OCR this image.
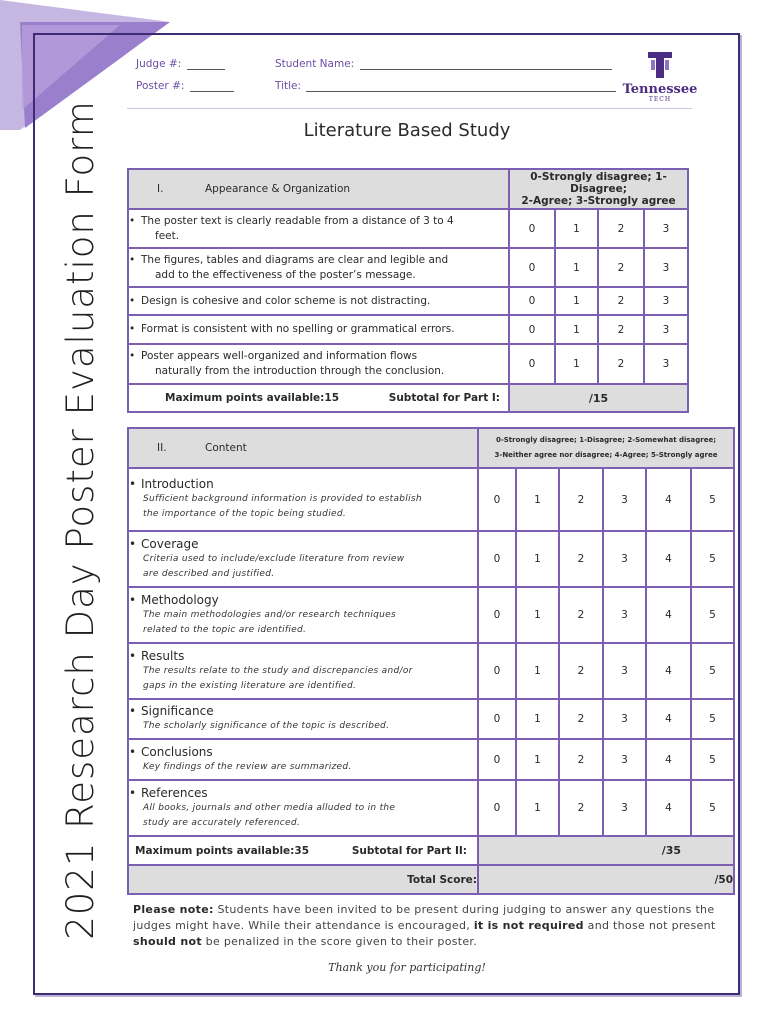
2021 Research Day Poster Evaluation Form
Judge #:
Poster #:
Student Name:
Title:	Tennessee
TECH
Literature Based Study
I. Appearance & Organization	0-Strongly disagree; 1-Disagree;
2-Agree; 3-Strongly agree			

• The poster text is clearly readable from a distance of 3 to 4
feet.	0	1	2	3
• The figures, tables and diagrams are clear and legible and
add to the effectiveness of the poster’s message.	0	1	2	3
• Design is cohesive and color scheme is not distracting.	0	1	2	3
• Format is consistent with no spelling or grammatical errors.	0	1	2	3
• Poster appears well-organized and information flows
naturally from the introduction through the conclusion.	0	1	2	3
Maximum points available:15 Subtotal for Part I:	/15			
II. Content	0-Strongly disagree; 1-Disagree; 2-Somewhat disagree;
3-Neither agree nor disagree; 4-Agree; 5-Strongly agree					

• Introduction
Sufficient background information is provided to establish
the importance of the topic being studied.	0	1	2	3	4	5

• Coverage
Criteria used to include/exclude literature from review
are described and justified.	0	1	2	3	4	5

• Methodology
The main methodologies and/or research techniques
related to the topic are identified.	0	1	2	3	4	5

• Results
The results relate to the study and discrepancies and/or
gaps in the existing literature are identified.	0	1	2	3	4	5

• Significance
The scholarly significance of the topic is described.	0	1	2	3	4	5

• Conclusions
Key findings of the review are summarized.	0	1	2	3	4	5

• References
All books, journals and other media alluded to in the
study are accurately referenced.	0	1	2	3	4	5
Maximum points available:35 Subtotal for Part II:	/35					
Total Score:	/50					
Please note: Students have been invited to be present during judging to answer any questions the judges might have. While their attendance is encouraged, it is not required and those not present should not be penalized in the score given to their poster.
Thank you for participating!
